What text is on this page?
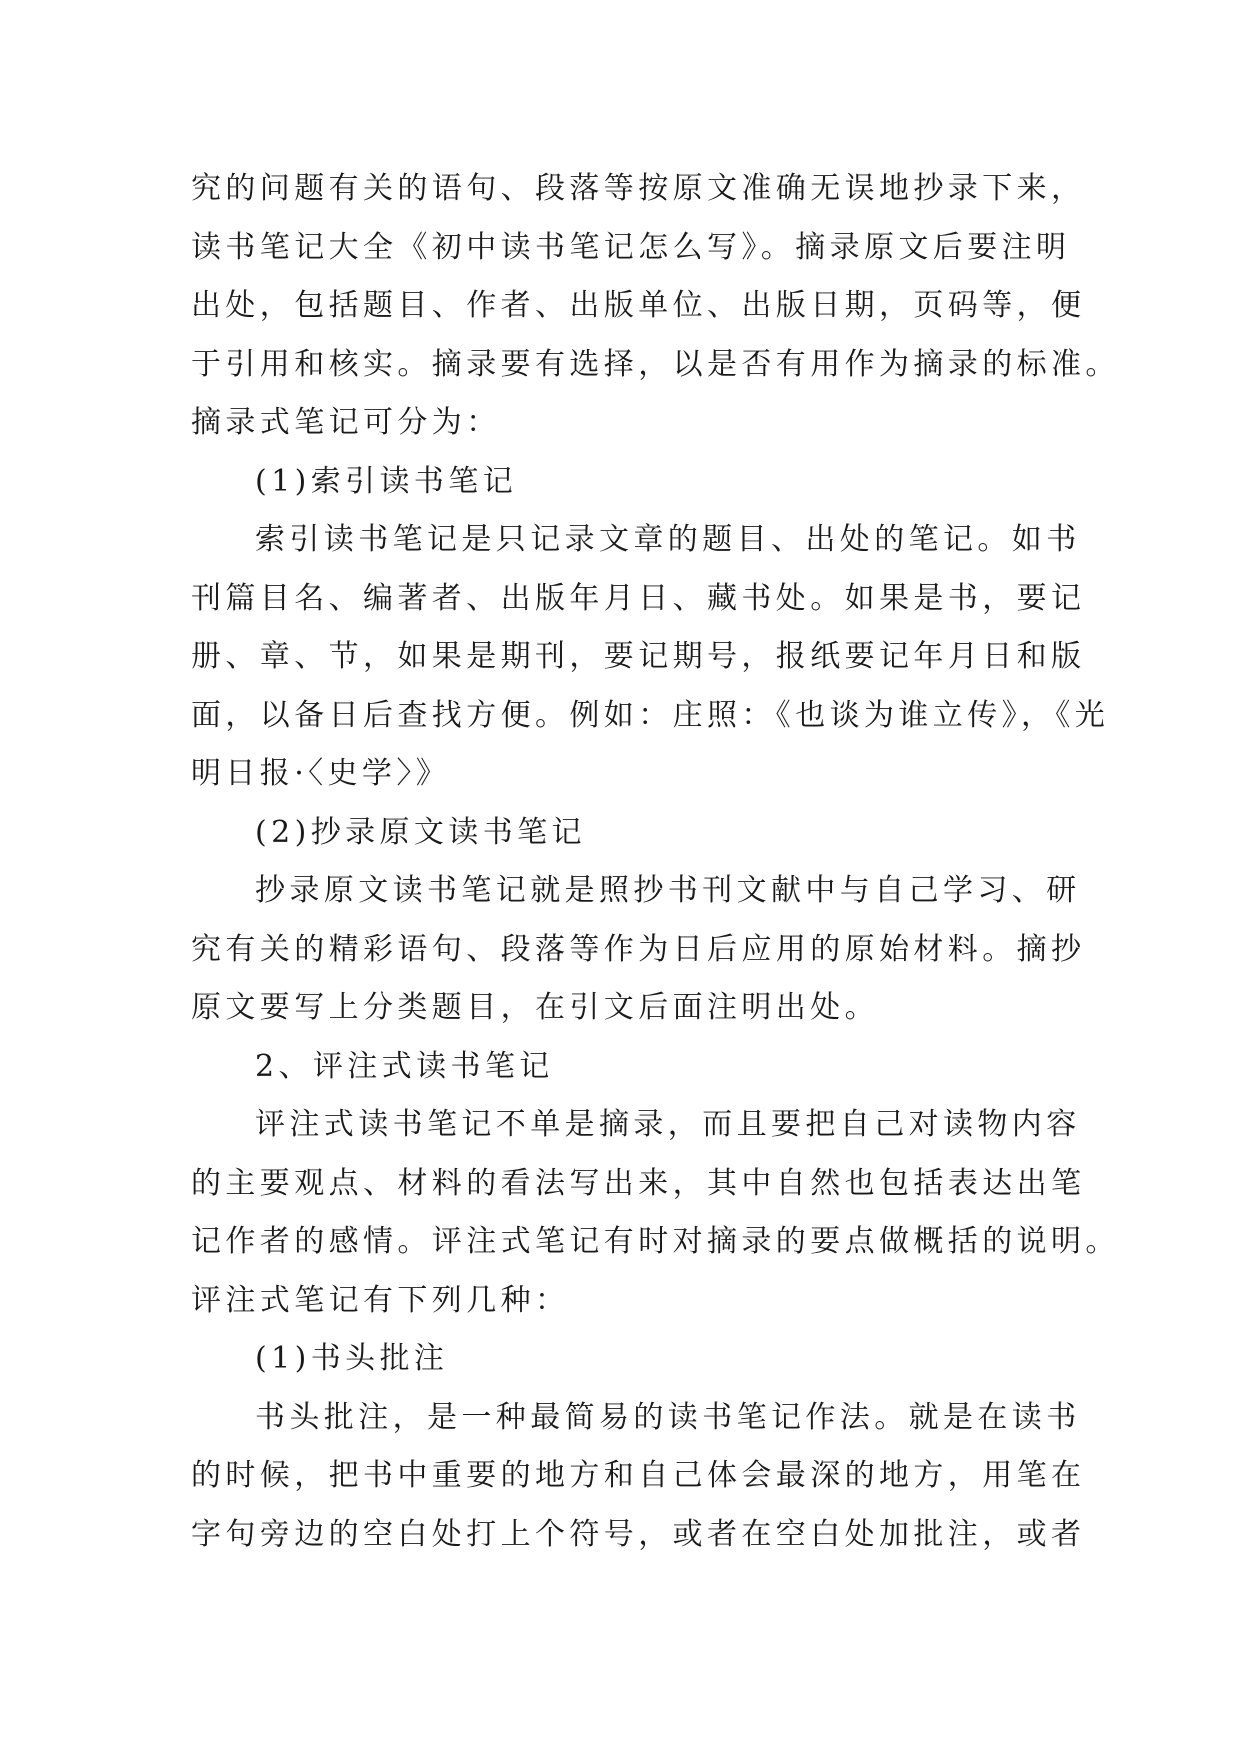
究的问题有关的语句、段落等按原文准确无误地抄录下来，
读书笔记大全《初中读书笔记怎么写》。摘录原文后要注明
出处，包括题目、作者、出版单位、出版日期，页码等，便
于引用和核实。摘录要有选择，以是否有用作为摘录的标准。
摘录式笔记可分为：
(1)索引读书笔记
索引读书笔记是只记录文章的题目、出处的笔记。如书
刊篇目名、编著者、出版年月日、藏书处。如果是书，要记
册、章、节，如果是期刊，要记期号，报纸要记年月日和版
面，以备日后查找方便。例如：庄照：《也谈为谁立传》，《光
明日报·〈史学〉》
(2)抄录原文读书笔记
抄录原文读书笔记就是照抄书刊文献中与自己学习、研
究有关的精彩语句、段落等作为日后应用的原始材料。摘抄
原文要写上分类题目，在引文后面注明出处。
2、评注式读书笔记
评注式读书笔记不单是摘录，而且要把自己对读物内容
的主要观点、材料的看法写出来，其中自然也包括表达出笔
记作者的感情。评注式笔记有时对摘录的要点做概括的说明。
评注式笔记有下列几种：
(1)书头批注
书头批注，是一种最简易的读书笔记作法。就是在读书
的时候，把书中重要的地方和自己体会最深的地方，用笔在
字句旁边的空白处打上个符号，或者在空白处加批注，或者
